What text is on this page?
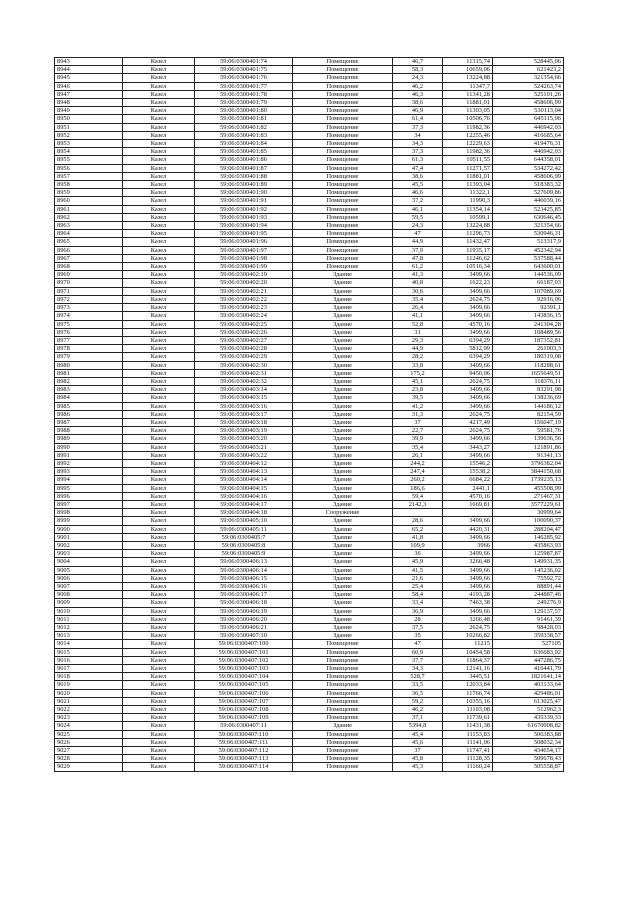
8943	Казел	59:06:0300401:74	Помещение	46,7	11315,74	528445,06
8944	Казел	59:06:0300401:75	Помещение	58,3	10659,06	621423,2
8945	Казел	59:06:0300401:76	Помещение	24,3	13224,88	321354,66
8946	Казел	59:06:0300401:77	Помещение	46,2	11347,7	524263,74
8947	Казел	59:06:0300401:78	Помещение	46,3	11341,28	525101,26
8948	Казел	59:06:0300401:79	Помещение	38,6	11881,01	458606,99
8949	Казел	59:06:0300401:80	Помещение	46,9	11303,05	530113,04
8950	Казел	59:06:0300401:81	Помещение	61,4	10506,76	645115,06
8951	Казел	59:06:0300401:82	Помещение	37,3	11982,36	446942,03
8952	Казел	59:06:0300401:83	Помещение	34	12255,46	416685,64
8953	Казел	59:06:0300401:84	Помещение	34,3	12229,63	419476,31
8954	Казел	59:06:0300401:85	Помещение	37,3	11982,36	446942,03
8955	Казел	59:06:0300401:86	Помещение	61,3	10511,55	644358,01
8956	Казел	59:06:0300401:87	Помещение	47,4	11271,57	534272,42
8957	Казел	59:06:0300401:88	Помещение	38,6	11881,01	458606,99
8958	Казел	59:06:0300401:89	Помещение	45,5	11393,04	518383,32
8959	Казел	59:06:0300401:90	Помещение	46,6	11322,1	527609,86
8960	Казел	59:06:0300401:91	Помещение	37,2	11990,3	446039,16
8961	Казел	59:06:0300401:92	Помещение	46,1	11354,14	523425,85
8962	Казел	59:06:0300401:93	Помещение	59,5	10599,1	630646,45
8963	Казел	59:06:0300401:94	Помещение	24,3	13224,88	321354,66
8964	Казел	59:06:0300401:95	Помещение	47	11296,73	530946,31
8965	Казел	59:06:0300401:96	Помещение	44,9	11432,47	513317,9
8966	Казел	59:06:0300401:97	Помещение	37,9	11935,17	452342,94
8967	Казел	59:06:0300401:98	Помещение	47,8	11246,62	537588,44
8968	Казел	59:06:0300401:99	Помещение	61,2	10516,34	643600,01
8969	Казел	59:06:0300402:19	Здание	41,3	3499,66	144536,09
8970	Казел	59:06:0300402:20	Здание	40,8	1622,23	66187,03
8971	Казел	59:06:0300402:21	Здание	30,6	3499,66	107089,69
8972	Казел	59:06:0300402:22	Здание	35,4	2624,75	92916,06
8973	Казел	59:06:0300402:23	Здание	26,4	3499,66	92391,1
8974	Казел	59:06:0300402:24	Здание	41,1	3499,66	143836,15
8975	Казел	59:06:0300402:25	Здание	52,8	4570,16	241304,28
8976	Казел	59:06:0300402:26	Здание	31	3499,66	108489,56
8977	Казел	59:06:0300402:27	Здание	29,3	6394,29	187352,81
8978	Казел	59:06:0300402:28	Здание	44,9	5812,99	261003,3
8979	Казел	59:06:0300402:29	Здание	28,2	6394,29	180319,08
8980	Казел	59:06:0300402:30	Здание	33,8	3499,66	118288,61
8981	Казел	59:06:0300402:31	Здание	175,2	9450,06	1655649,51
8982	Казел	59:06:0300402:32	Здание	45,1	2624,75	118376,11
8983	Казел	59:06:0300403:14	Здание	23,8	3499,66	83291,98
8984	Казел	59:06:0300403:15	Здание	39,5	3499,66	138236,69
8985	Казел	59:06:0300403:16	Здание	41,2	3499,66	144186,12
8986	Казел	59:06:0300403:17	Здание	31,3	2624,75	82154,59
8987	Казел	59:06:0300403:18	Здание	37	4217,49	156047,19
8988	Казел	59:06:0300403:19	Здание	22,7	2624,75	59581,76
8989	Казел	59:06:0300403:20	Здание	39,9	3499,66	139636,56
8990	Казел	59:06:0300403:21	Здание	35,4	3443,27	121891,86
8991	Казел	59:06:0300403:22	Здание	26,1	3499,66	91341,13
8992	Казел	59:06:0300404:12	Здание	244,2	15546,2	3796382,04
8993	Казел	59:06:0300404:13	Здание	247,4	15538,2	3844150,68
8994	Казел	59:06:0300404:14	Здание	260,2	6684,22	1739235,13
8995	Казел	59:06:0300404:15	Здание	186,6	2441,1	455508,99
8996	Казел	59:06:0300404:16	Здание	59,4	4570,16	271467,31
8997	Казел	59:06:0300404:17	Здание	2142,3	1669,81	3577229,61
8998	Казел	59:06:0300404:18	Сооружение			30999,64
8999	Казел	59:06:0300405:10	Здание	28,6	3499,66	100090,37
9000	Казел	59:06:0300405:11	Здание	65,2	4420,31	288204,47
9001	Казел	59:06:0300405:7	Здание	41,8	3499,66	146285,92
9002	Казел	59:06:0300405:8	Здание	109,9	3966	435863,93
9003	Казел	59:06:0300405:9	Здание	36	3499,66	125987,87
9004	Казел	59:06:0300406:13	Здание	45,9	3266,48	149931,35
9005	Казел	59:06:0300406:14	Здание	41,5	3499,66	145236,02
9006	Казел	59:06:0300406:15	Здание	21,6	3499,66	75592,72
9007	Казел	59:06:0300406:16	Здание	25,4	3499,66	88891,44
9008	Казел	59:06:0300406:17	Здание	58,4	4193,28	244887,46
9009	Казел	59:06:0300406:18	Здание	33,4	7463,38	249276,9
9010	Казел	59:06:0300406:19	Здание	36,9	3499,66	129137,57
9011	Казел	59:06:0300406:20	Здание	28	3266,48	91461,39
9012	Казел	59:06:0300406:21	Здание	37,5	2624,75	98428,03
9013	Казел	59:06:0300407:10	Здание	35	10266,82	359338,57
9014	Казел	59:06:0300407:100	Помещение	47	11215	527105
9015	Казел	59:06:0300407:101	Помещение	60,9	10454,58	636683,92
9016	Казел	59:06:0300407:102	Помещение	37,7	11864,37	447286,75
9017	Казел	59:06:0300407:103	Помещение	34,3	12141,16	416441,79
9018	Казел	59:06:0300407:104	Помещение	528,7	3445,51	1821641,14
9019	Казел	59:06:0300407:105	Помещение	33,5	12033,84	403133,64
9020	Казел	59:06:0300407:106	Помещение	36,5	11766,74	429486,01
9021	Казел	59:06:0300407:107	Помещение	59,2	10355,16	613025,47
9022	Казел	59:06:0300407:108	Помещение	46,2	11103,08	512962,3
9023	Казел	59:06:0300407:109	Помещение	37,1	11739,61	435339,33
9024	Казел	59:06:0300407:11	Здание	5394,8	11431,38	61670008,82
9025	Казел	59:06:0300407:110	Помещение	45,4	11153,83	506383,88
9026	Казел	59:06:0300407:111	Помещение	45,6	11141,06	508032,34
9027	Казел	59:06:0300407:112	Помещение	37	11747,41	434654,17
9028	Казел	59:06:0300407:113	Помещение	45,8	11128,35	509678,43
9029	Казел	59:06:0300407:114	Помещение	45,3	11160,24	505558,87
